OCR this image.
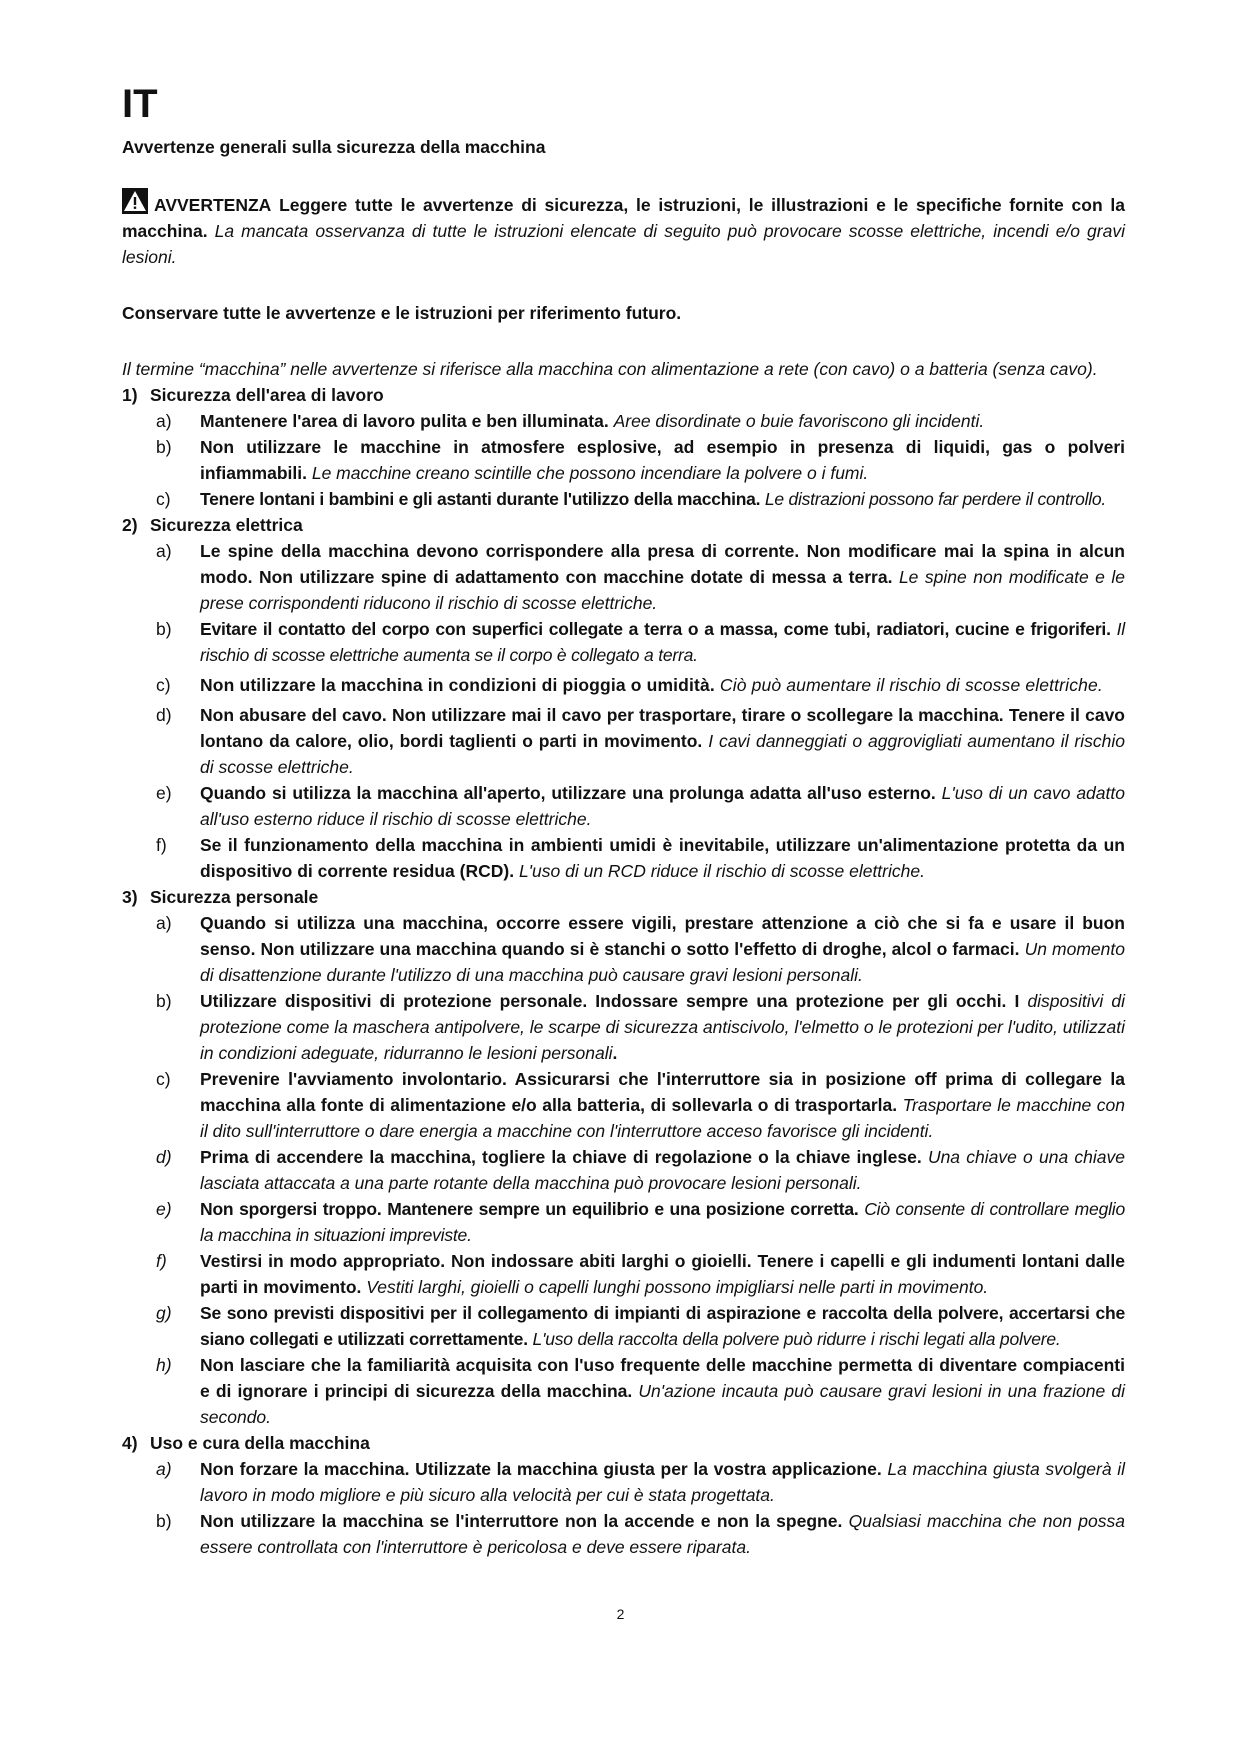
IT
Avvertenze generali sulla sicurezza della macchina

AVVERTENZA Leggere tutte le avvertenze di sicurezza, le istruzioni, le illustrazioni e le specifiche fornite con la macchina. La mancata osservanza di tutte le istruzioni elencate di seguito può provocare scosse elettriche, incendi e/o gravi lesioni.

Conservare tutte le avvertenze e le istruzioni per riferimento futuro.

Il termine “macchina” nelle avvertenze si riferisce alla macchina con alimentazione a rete (con cavo) o a batteria (senza cavo).

1) Sicurezza dell'area di lavoro
a)	Mantenere l'area di lavoro pulita e ben illuminata. Aree disordinate o buie favoriscono gli incidenti.
b)	Non utilizzare le macchine in atmosfere esplosive, ad esempio in presenza di liquidi, gas o polveri infiammabili. Le macchine creano scintille che possono incendiare la polvere o i fumi.
c)	Tenere lontani i bambini e gli astanti durante l'utilizzo della macchina. Le distrazioni possono far perdere il controllo.
2) Sicurezza elettrica
a)	Le spine della macchina devono corrispondere alla presa di corrente. Non modificare mai la spina in alcun modo. Non utilizzare spine di adattamento con macchine dotate di messa a terra. Le spine non modificate e le prese corrispondenti riducono il rischio di scosse elettriche.
b)	Evitare il contatto del corpo con superfici collegate a terra o a massa, come tubi, radiatori, cucine e frigoriferi. Il rischio di scosse elettriche aumenta se il corpo è collegato a terra.
c)	Non utilizzare la macchina in condizioni di pioggia o umidità. Ciò può aumentare il rischio di scosse elettriche.
d)	Non abusare del cavo. Non utilizzare mai il cavo per trasportare, tirare o scollegare la macchina. Tenere il cavo lontano da calore, olio, bordi taglienti o parti in movimento. I cavi danneggiati o aggrovigliati aumentano il rischio di scosse elettriche.
e)	Quando si utilizza la macchina all'aperto, utilizzare una prolunga adatta all'uso esterno. L'uso di un cavo adatto all'uso esterno riduce il rischio di scosse elettriche.
f)	Se il funzionamento della macchina in ambienti umidi è inevitabile, utilizzare un'alimentazione protetta da un dispositivo di corrente residua (RCD). L'uso di un RCD riduce il rischio di scosse elettriche.
3) Sicurezza personale
a)	Quando si utilizza una macchina, occorre essere vigili, prestare attenzione a ciò che si fa e usare il buon senso. Non utilizzare una macchina quando si è stanchi o sotto l'effetto di droghe, alcol o farmaci. Un momento di disattenzione durante l'utilizzo di una macchina può causare gravi lesioni personali.
b)	Utilizzare dispositivi di protezione personale. Indossare sempre una protezione per gli occhi. I dispositivi di protezione come la maschera antipolvere, le scarpe di sicurezza antiscivolo, l'elmetto o le protezioni per l'udito, utilizzati in condizioni adeguate, ridurranno le lesioni personali.
c)	Prevenire l'avviamento involontario. Assicurarsi che l'interruttore sia in posizione off prima di collegare la macchina alla fonte di alimentazione e/o alla batteria, di sollevarla o di trasportarla. Trasportare le macchine con il dito sull'interruttore o dare energia a macchine con l'interruttore acceso favorisce gli incidenti.
d)	Prima di accendere la macchina, togliere la chiave di regolazione o la chiave inglese. Una chiave o una chiave lasciata attaccata a una parte rotante della macchina può provocare lesioni personali.
e)	Non sporgersi troppo. Mantenere sempre un equilibrio e una posizione corretta. Ciò consente di controllare meglio la macchina in situazioni impreviste.
f)	Vestirsi in modo appropriato. Non indossare abiti larghi o gioielli. Tenere i capelli e gli indumenti lontani dalle parti in movimento. Vestiti larghi, gioielli o capelli lunghi possono impigliarsi nelle parti in movimento.
g)	Se sono previsti dispositivi per il collegamento di impianti di aspirazione e raccolta della polvere, accertarsi che siano collegati e utilizzati correttamente. L'uso della raccolta della polvere può ridurre i rischi legati alla polvere.
h)	Non lasciare che la familiarità acquisita con l'uso frequente delle macchine permetta di diventare compiacenti e di ignorare i principi di sicurezza della macchina. Un'azione incauta può causare gravi lesioni in una frazione di secondo.
4) Uso e cura della macchina
a)	Non forzare la macchina. Utilizzate la macchina giusta per la vostra applicazione. La macchina giusta svolgerà il lavoro in modo migliore e più sicuro alla velocità per cui è stata progettata.
b)	Non utilizzare la macchina se l'interruttore non la accende e non la spegne. Qualsiasi macchina che non possa essere controllata con l'interruttore è pericolosa e deve essere riparata.
2
